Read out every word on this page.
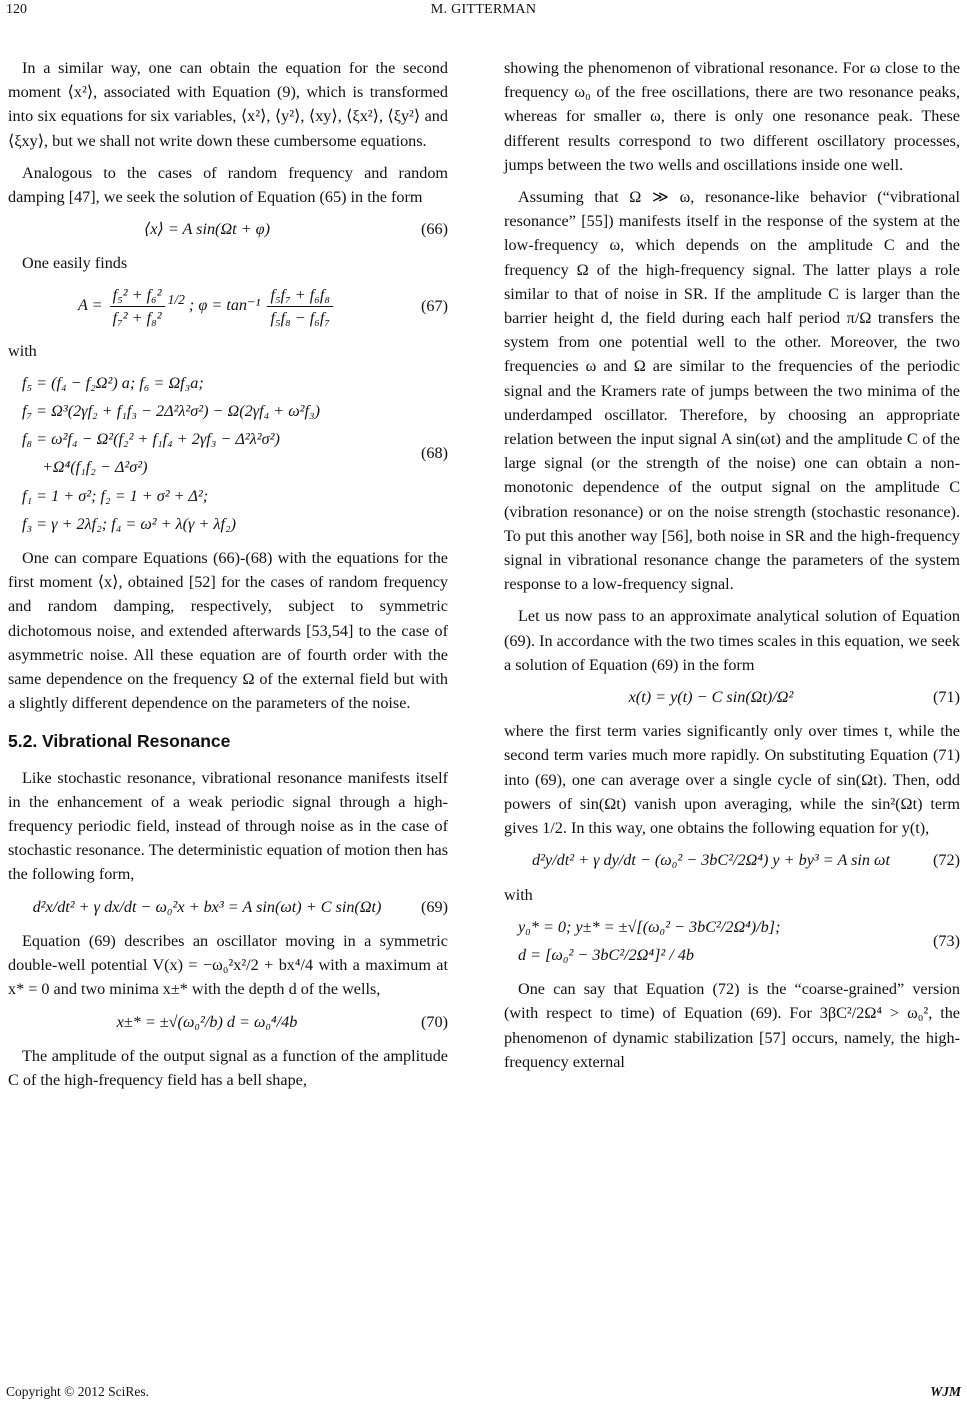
120	M. GITTERMAN

In a similar way, one can obtain the equation for the second moment ⟨x²⟩, associated with Equation (9), which is transformed into six equations for six variables, ⟨x²⟩, ⟨y²⟩, ⟨xy⟩, ⟨ξx²⟩, ⟨ξy²⟩ and ⟨ξxy⟩, but we shall not write down these cumbersome equations.

Analogous to the cases of random frequency and random damping [47], we seek the solution of Equation (65) in the form

⟨x⟩ = A sin(Ωt + φ)	(66)

One easily finds

$A = \frac{\text{f₅² + f₆²}}{\text{f₇² + f₈²}} ^{1/2}$ ; $\varphi = \tan^{-1} \frac{\text{f₅f₇ + f₆f₈}}{\text{f₅f₈ − f₆f₇}}$	(67)

with

f₅ = (f₄ − f₂Ω²) a; f₆ = Ωf₃a;
f₇ = Ω³(2γf₂ + f₁f₃ − 2Δ²λ²σ²) − Ω(2γf₄ + ω²f₃)
f₈ = ω²f₄ − Ω²(f₂² + f₁f₄ + 2γf₃ − Δ²λ²σ²)
+Ω⁴(f₁f₂ − Δ²σ²)
f₁ = 1 + σ²; f₂ = 1 + σ² + Δ²;
f₃ = γ + 2λf₂; f₄ = ω² + λ(γ + λf₂)
(68)

One can compare Equations (66)-(68) with the equations for the first moment ⟨x⟩, obtained [52] for the cases of random frequency and random damping, respectively, subject to symmetric dichotomous noise, and extended afterwards [53,54] to the case of asymmetric noise. All these equation are of fourth order with the same dependence on the frequency Ω of the external field but with a slightly different dependence on the parameters of the noise.

5.2. Vibrational Resonance

Like stochastic resonance, vibrational resonance manifests itself in the enhancement of a weak periodic signal through a high-frequency periodic field, instead of through noise as in the case of stochastic resonance. The deterministic equation of motion then has the following form,

d²x/dt² + γ dx/dt − ω₀²x + bx³ = A sin(ωt) + C sin(Ωt)	(69)

Equation (69) describes an oscillator moving in a symmetric double-well potential V(x) = −ω₀²x²/2 + bx⁴/4 with a maximum at x* = 0 and two minima x±* with the depth d of the wells,

x±* = ±√(ω₀²/b) d = ω₀⁴/4b	(70)

The amplitude of the output signal as a function of the amplitude C of the high-frequency field has a bell shape,

showing the phenomenon of vibrational resonance. For ω close to the frequency ω₀ of the free oscillations, there are two resonance peaks, whereas for smaller ω, there is only one resonance peak. These different results correspond to two different oscillatory processes, jumps between the two wells and oscillations inside one well.

Assuming that Ω ≫ ω, resonance-like behavior (“vibrational resonance” [55]) manifests itself in the response of the system at the low-frequency ω, which depends on the amplitude C and the frequency Ω of the high-frequency signal. The latter plays a role similar to that of noise in SR. If the amplitude C is larger than the barrier height d, the field during each half period π/Ω transfers the system from one potential well to the other. Moreover, the two frequencies ω and Ω are similar to the frequencies of the periodic signal and the Kramers rate of jumps between the two minima of the underdamped oscillator. Therefore, by choosing an appropriate relation between the input signal A sin(ωt) and the amplitude C of the large signal (or the strength of the noise) one can obtain a non-monotonic dependence of the output signal on the amplitude C (vibration resonance) or on the noise strength (stochastic resonance). To put this another way [56], both noise in SR and the high-frequency signal in vibrational resonance change the parameters of the system response to a low-frequency signal.

Let us now pass to an approximate analytical solution of Equation (69). In accordance with the two times scales in this equation, we seek a solution of Equation (69) in the form

x(t) = y(t) − C sin(Ωt)/Ω²	(71)

where the first term varies significantly only over times t, while the second term varies much more rapidly. On substituting Equation (71) into (69), one can average over a single cycle of sin(Ωt). Then, odd powers of sin(Ωt) vanish upon averaging, while the sin²(Ωt) term gives 1/2. In this way, one obtains the following equation for y(t),

d²y/dt² + γ dy/dt − (ω₀² − 3bC²/2Ω⁴) y + by³ = A sin ωt	(72)

with

y₀* = 0; y±* = ±√[(ω₀² − 3bC²/2Ω⁴)/b];
d = [ω₀² − 3bC²/2Ω⁴]² / 4b
(73)

One can say that Equation (72) is the “coarse-grained” version (with respect to time) of Equation (69). For 3βC²/2Ω⁴ > ω₀², the phenomenon of dynamic stabilization [57] occurs, namely, the high-frequency external

Copyright © 2012 SciRes.	WJM
